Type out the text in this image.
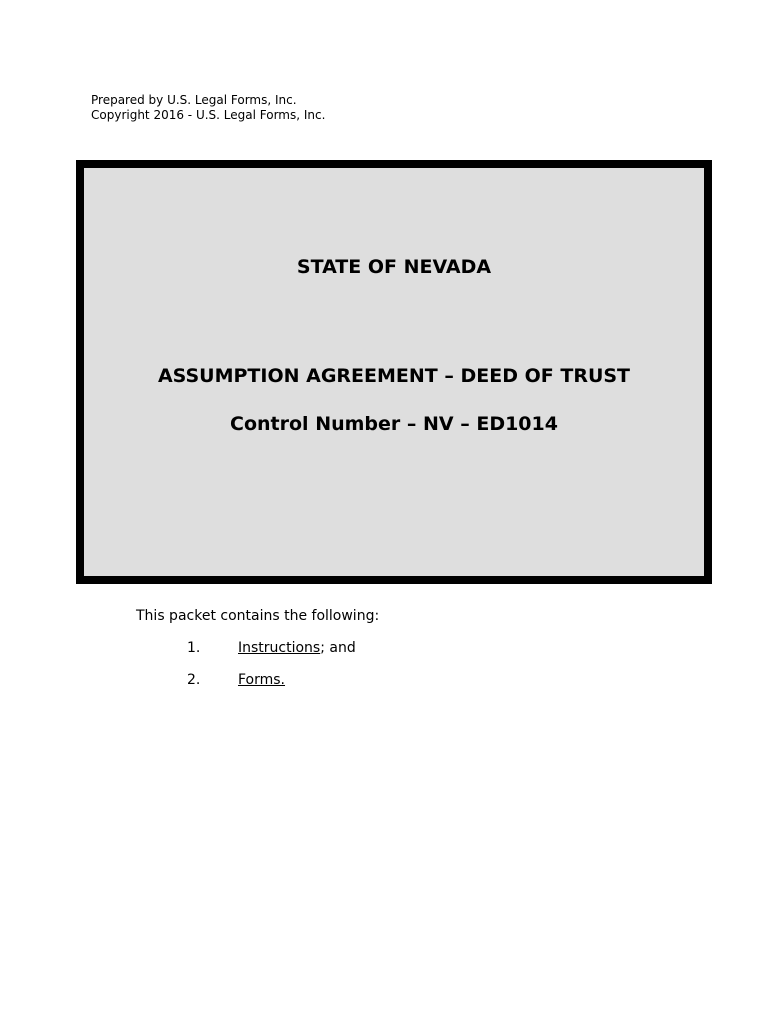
Prepared by U.S. Legal Forms, Inc.
Copyright 2016 - U.S. Legal Forms, Inc.
STATE OF NEVADA
ASSUMPTION AGREEMENT – DEED OF TRUST
Control Number – NV – ED1014
This packet contains the following:
1.	Instructions; and
2.	Forms.
